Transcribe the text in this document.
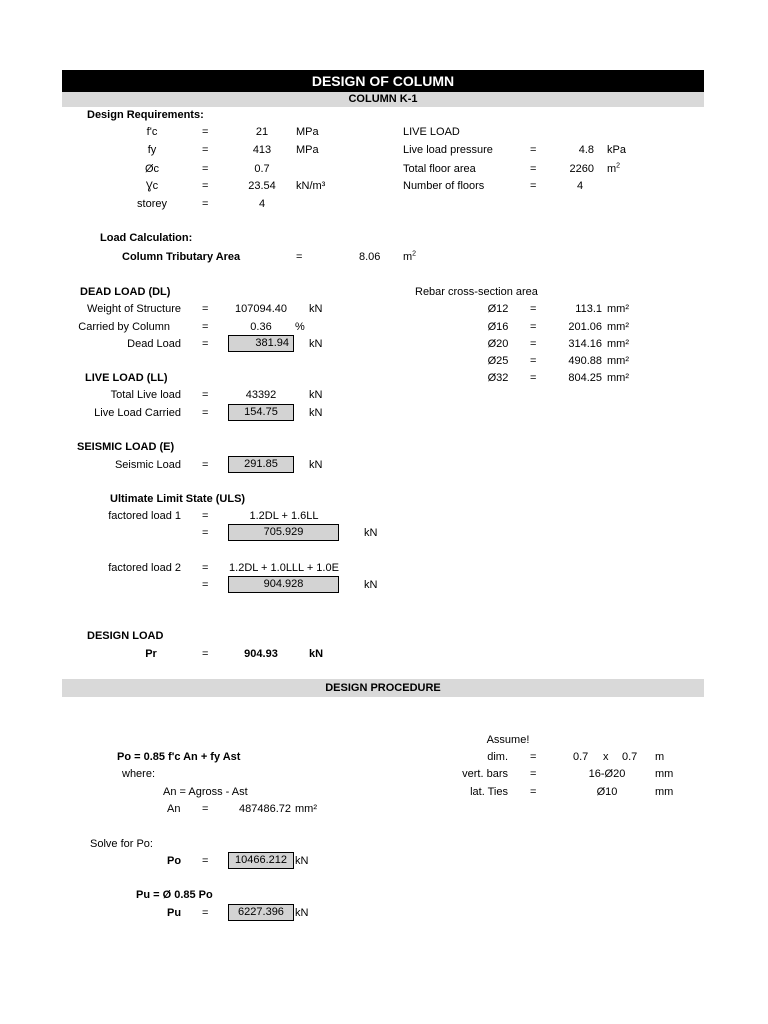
DESIGN OF COLUMN
COLUMN K-1
Design Requirements:
f'c	=	21	MPa
fy	=	413	MPa
Øc	=	0.7
Ɣc	=	23.54	kN/m³
storey	=	4
LIVE LOAD
Live load pressure	=	4.8 kPa
Total floor area	=	2260 $m^2$
Number of floors	=	4
Load Calculation:
Column Tributary Area	=	8.06 $m^2$
DEAD LOAD (DL)
Weight of Structure =	107094.40	kN
Carried by Column	=	0.36	%
Dead Load =	381.94	kN
Rebar cross-section area
Ø12	=	113.1 mm²
Ø16	=	201.06 mm²
Ø20	=	314.16 mm²
Ø25	=	490.88 mm²
Ø32	=	804.25 mm²
LIVE LOAD (LL)
Total Live load =	43392	kN
Live Load Carried =	154.75	kN
SEISMIC LOAD (E)
Seismic Load =	291.85	kN
Ultimate Limit State (ULS)
factored load 1 =	1.2DL + 1.6LL
=	705.929	kN
factored load 2 = 1.2DL + 1.0LLL + 1.0E
=	904.928	kN
DESIGN LOAD
Pr	=	904.93	kN
DESIGN PROCEDURE
Assume!
dim. =	0.7 x 0.7 m
vert. bars =	16-Ø20	mm
lat. Ties =	Ø10	mm
Po = 0.85 f'c An + fy Ast
where:
An = Agross - Ast
An =	487486.72 mm²
Solve for Po:
Po =	10466.212 kN
Pu = Ø 0.85 Po
Pu =	6227.396	kN
